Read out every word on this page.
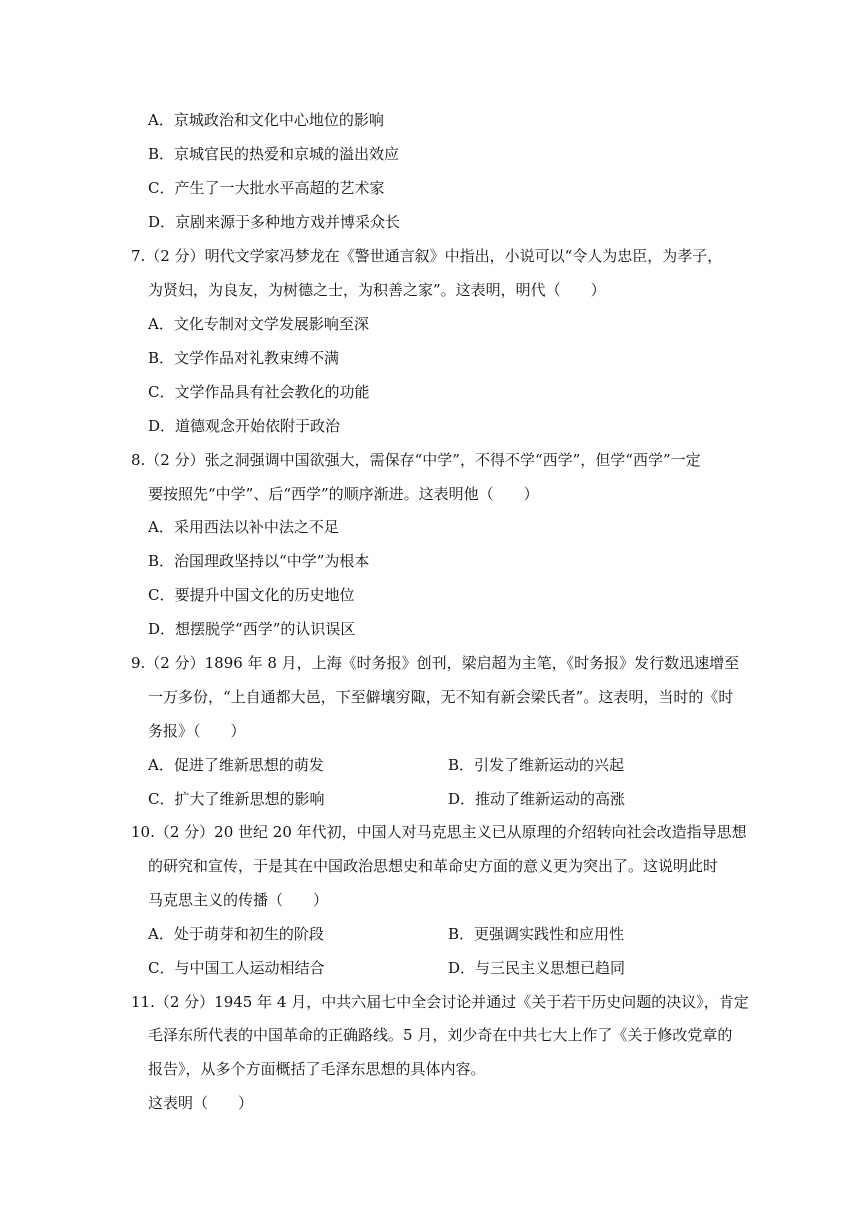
A．京城政治和文化中心地位的影响
B．京城官民的热爱和京城的溢出效应
C．产生了一大批水平高超的艺术家
D．京剧来源于多种地方戏并博采众长
7.（2 分）明代文学家冯梦龙在《警世通言叙》中指出，小说可以“令人为忠臣，为孝子，
为贤妇，为良友，为树德之士，为积善之家”。这表明，明代（　　）
A．文化专制对文学发展影响至深
B．文学作品对礼教束缚不满
C．文学作品具有社会教化的功能
D．道德观念开始依附于政治
8.（2 分）张之洞强调中国欲强大，需保存“中学”，不得不学“西学”，但学“西学”一定
要按照先“中学”、后“西学”的顺序渐进。这表明他（　　）
A．采用西法以补中法之不足
B．治国理政坚持以“中学”为根本
C．要提升中国文化的历史地位
D．想摆脱学“西学”的认识误区
9.（2 分）1896 年 8 月，上海《时务报》创刊，梁启超为主笔，《时务报》发行数迅速增至
一万多份，“上自通都大邑，下至僻壤穷陬，无不知有新会梁氏者”。这表明，当时的《时
务报》（　　）
A．促进了维新思想的萌发	B．引发了维新运动的兴起
C．扩大了维新思想的影响	D．推动了维新运动的高涨
10.（2 分）20 世纪 20 年代初，中国人对马克思主义已从原理的介绍转向社会改造指导思想
的研究和宣传，于是其在中国政治思想史和革命史方面的意义更为突出了。这说明此时
马克思主义的传播（　　）
A．处于萌芽和初生的阶段	B．更强调实践性和应用性
C．与中国工人运动相结合	D．与三民主义思想已趋同
11.（2 分）1945 年 4 月，中共六届七中全会讨论并通过《关于若干历史问题的决议》，肯定
毛泽东所代表的中国革命的正确路线。5 月，刘少奇在中共七大上作了《关于修改党章的
报告》，从多个方面概括了毛泽东思想的具体内容。
这表明（　　）
